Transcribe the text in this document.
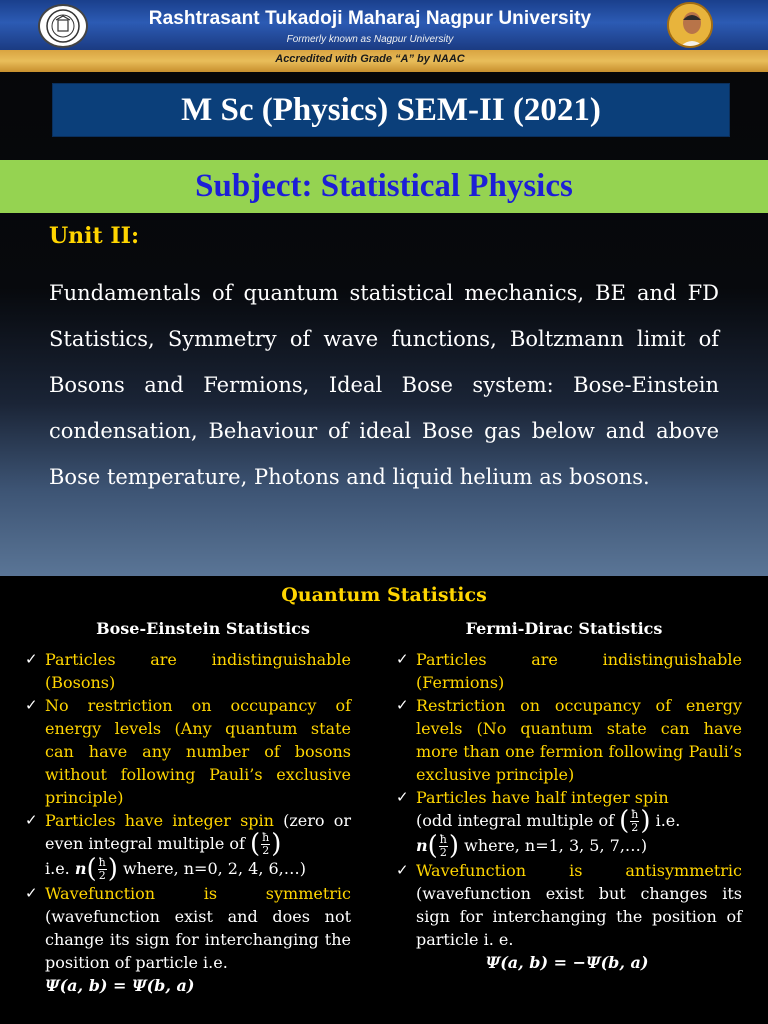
Rashtrasant Tukadoji Maharaj Nagpur University
Formerly known as Nagpur University
Accredited with Grade “A” by NAAC
M Sc (Physics) SEM-II (2021)
Subject: Statistical Physics
Unit II:
Fundamentals of quantum statistical mechanics, BE and FD Statistics, Symmetry of wave functions, Boltzmann limit of Bosons and Fermions, Ideal Bose system: Bose-Einstein condensation, Behaviour of ideal Bose gas below and above Bose temperature, Photons and liquid helium as bosons.
Quantum Statistics
Bose-Einstein Statistics	Fermi-Dirac Statistics
✓ Particles are indistinguishable (Bosons)
✓ No restriction on occupancy of energy levels (Any quantum state can have any number of bosons without following Pauli’s exclusive principle)
✓ Particles have integer spin (zero or even integral multiple of ( $\frac{ħ}{2}$ )
i.e. $n( \frac{ħ}{2}$ ) where, n=0, 2, 4, 6,…)
✓ Wavefunction is symmetric (wavefunction exist and does not change its sign for interchanging the position of particle i.e.
Ψ(a, b) = Ψ(b, a)
✓ Particles are indistinguishable (Fermions)
✓ Restriction on occupancy of energy levels (No quantum state can have more than one fermion following Pauli’s exclusive principle)
✓ Particles have half integer spin
(odd integral multiple of ( $\frac{ħ}{2}$ ) i.e.
$n( \frac{ħ}{2}$ ) where, n=1, 3, 5, 7,…)
✓ Wavefunction is antisymmetric (wavefunction exist but changes its sign for interchanging the position of particle i. e.
Ψ(a, b) = −Ψ(b, a)
